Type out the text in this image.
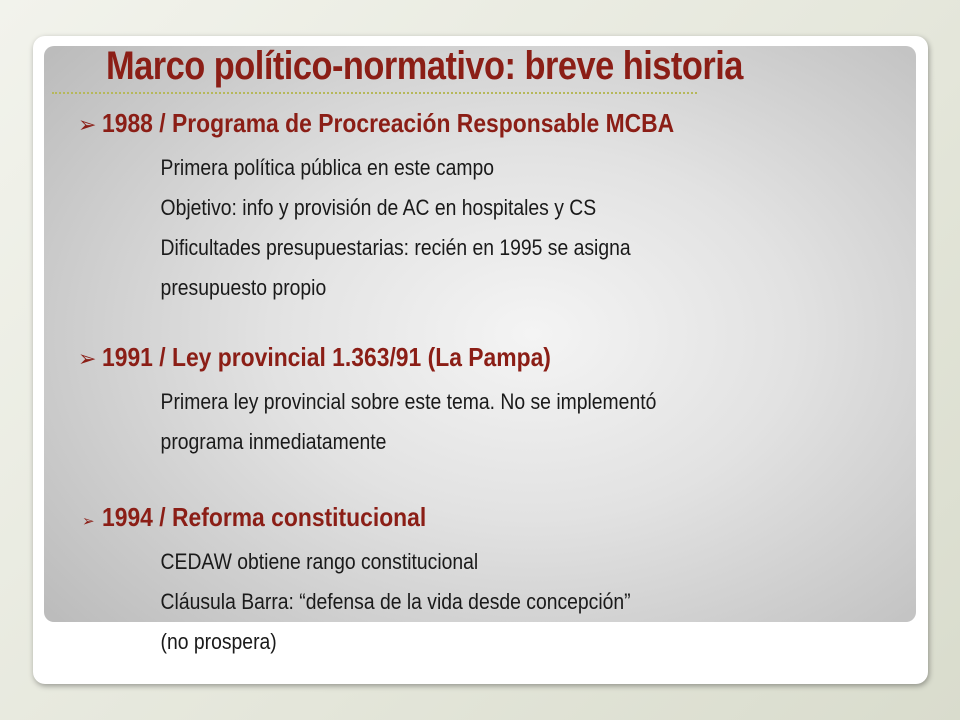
Marco político-normativo: breve historia
➢ 1988 / Programa de Procreación Responsable MCBA

Primera política pública en este campo

Objetivo: info y provisión de AC en hospitales y CS

Dificultades presupuestarias: recién en 1995 se asigna

presupuesto propio

➢ 1991 / Ley provincial 1.363/91 (La Pampa)

Primera ley provincial sobre este tema. No se implementó

programa inmediatamente

➢ 1994 / Reforma constitucional

CEDAW obtiene rango constitucional

Cláusula Barra: “defensa de la vida desde concepción”

(no prospera)
